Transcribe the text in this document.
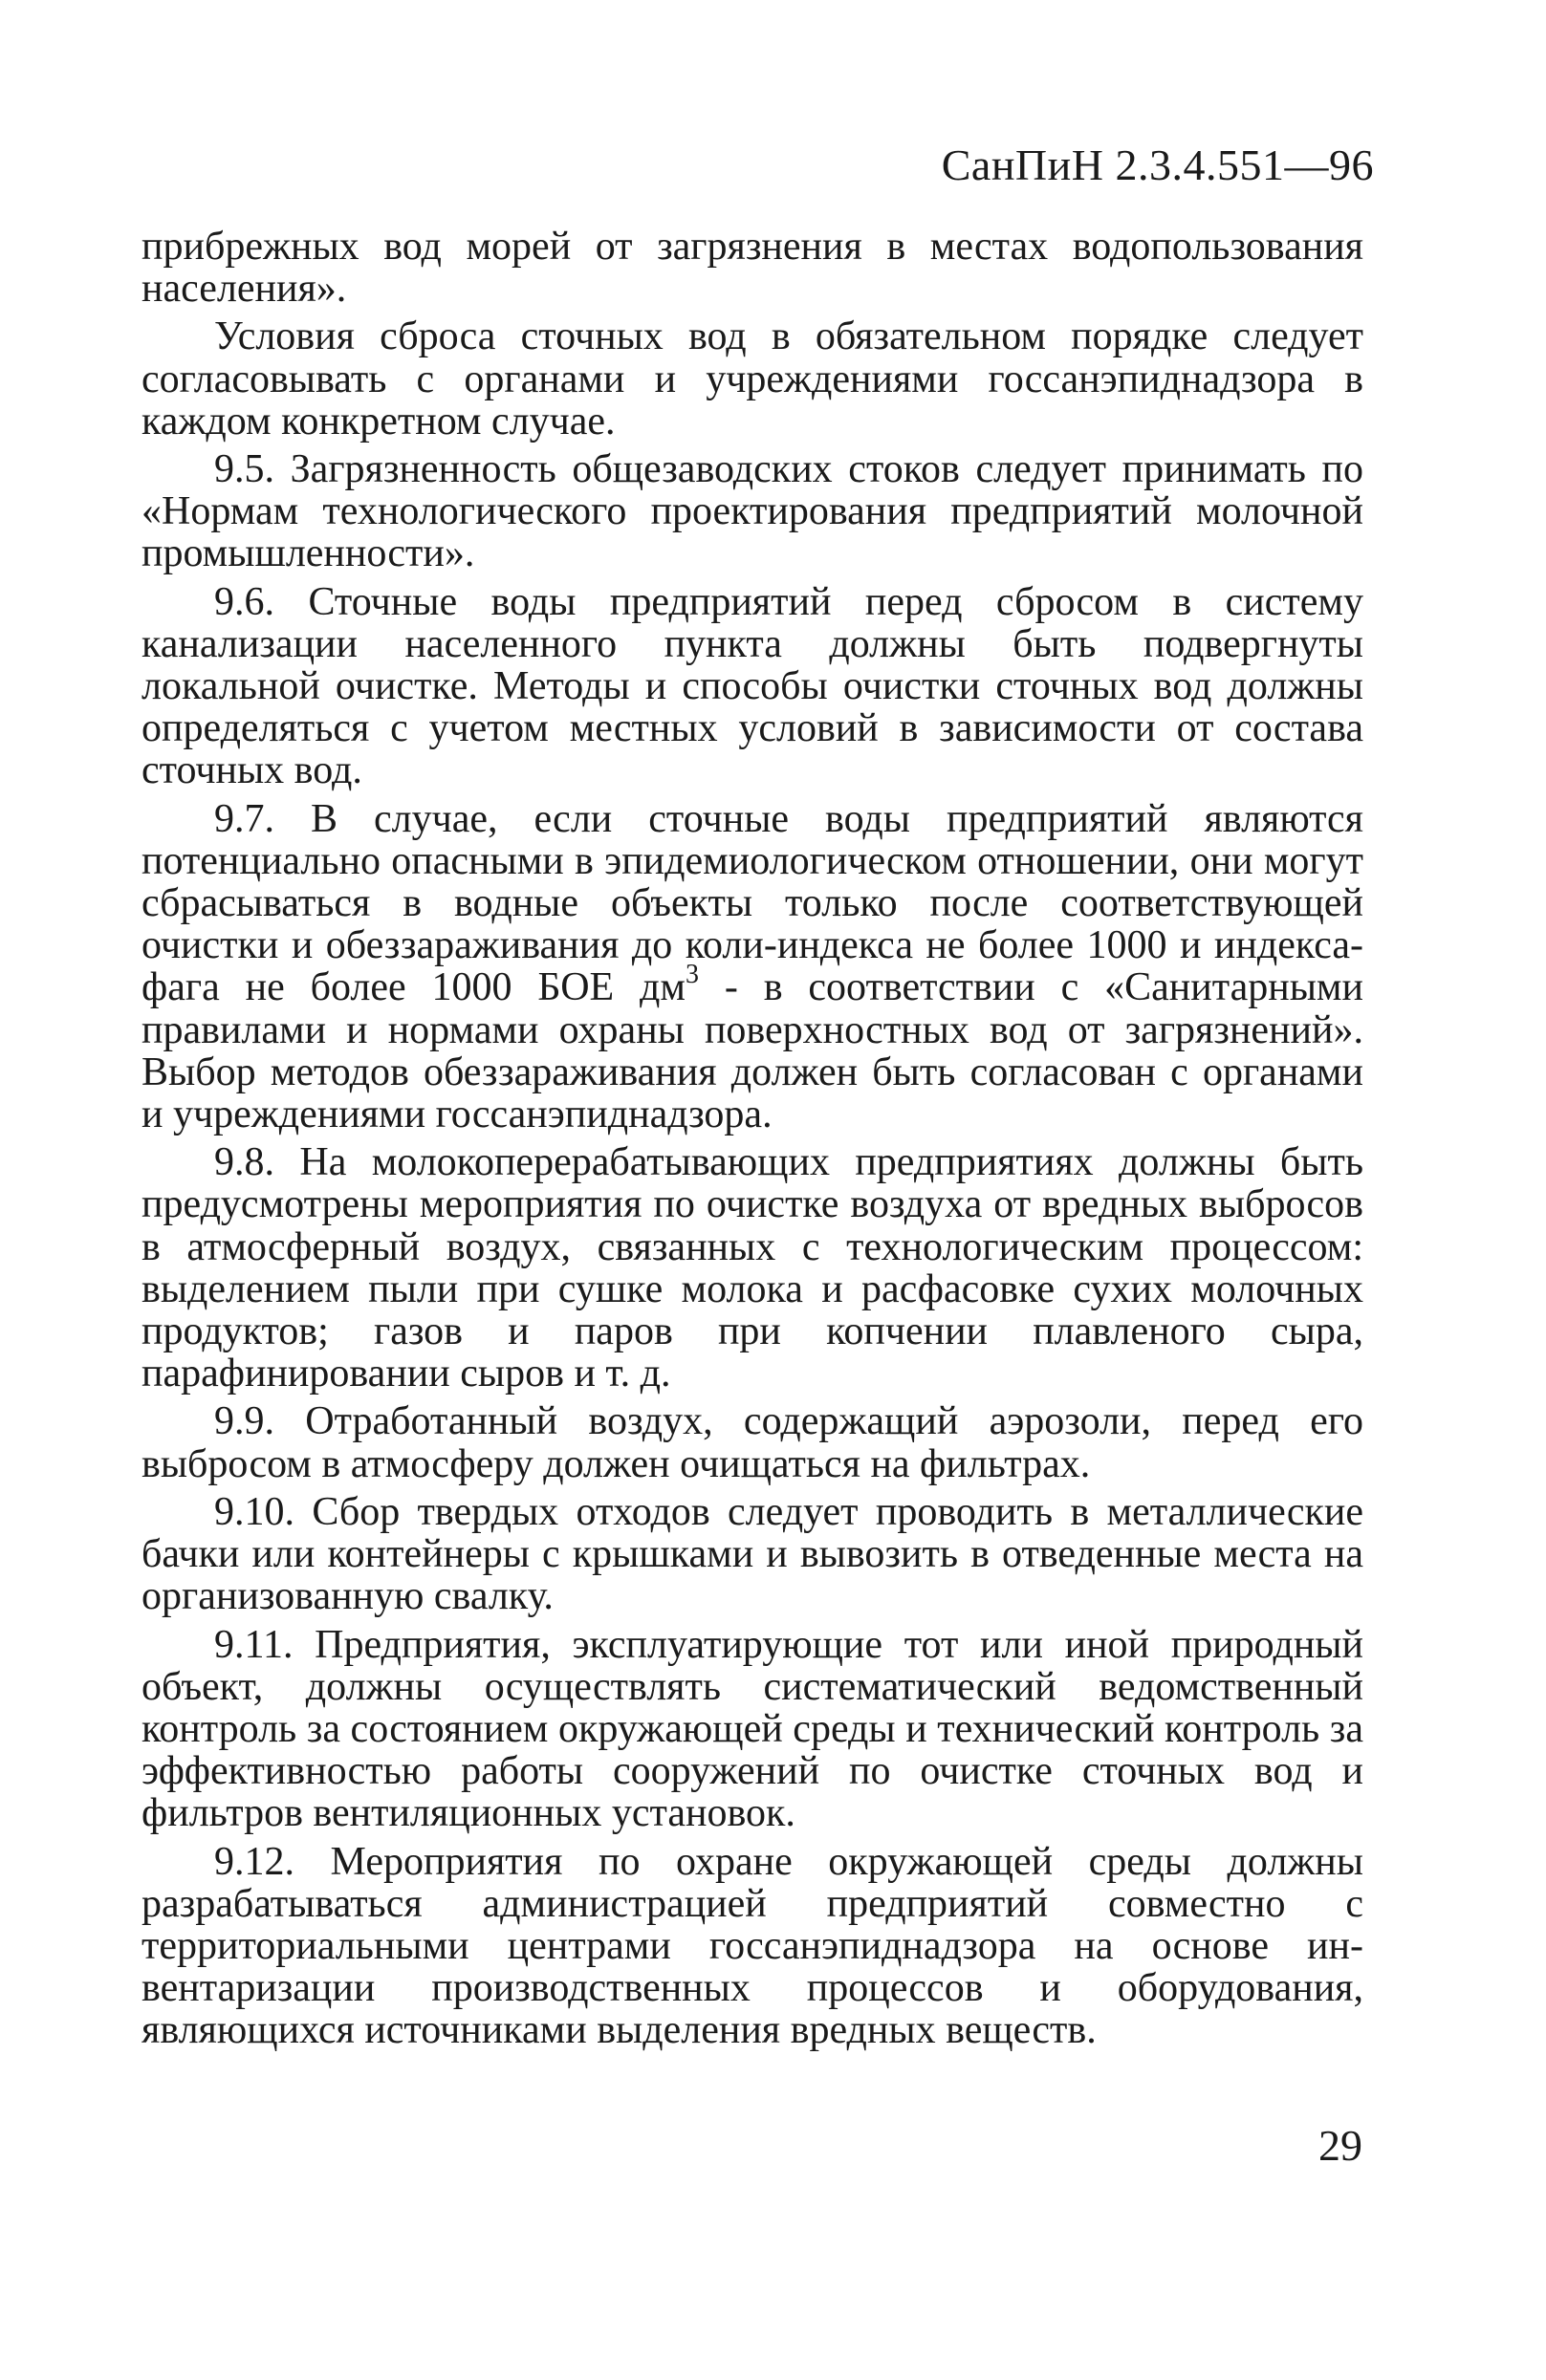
СанПиН 2.3.4.551—96

прибрежных вод морей от загрязнения в местах водопользования населения».

Условия сброса сточных вод в обязательном порядке следует согласовывать с органами и учреждениями госсанэпиднадзора в каждом конкретном случае.

9.5. Загрязненность общезаводских стоков следует принимать по «Нормам технологического проектирования предприятий молочной промышленности».

9.6. Сточные воды предприятий перед сбросом в систему канализации населенного пункта должны быть подвергнуты локальной очистке. Методы и способы очистки сточных вод должны определяться с учетом местных условий в зависимости от состава сточных вод.

9.7. В случае, если сточные воды предприятий являются потенциально опасными в эпидемиологическом отношении, они могут сбрасываться в водные объекты только после соответствующей очистки и обеззараживания до коли-индекса не более 1000 и индекса-фага не более 1000 БОЕ $дм^3$ - в соответствии с «Санитарными правилами и нормами охраны поверхностных вод от загрязнений». Выбор методов обеззараживания должен быть согласован с органами и учреждениями госсанэпиднадзора.

9.8. На молокоперерабатывающих предприятиях должны быть предусмотрены мероприятия по очистке воздуха от вредных выбросов в атмосферный воздух, связанных с технологическим процессом: выделением пыли при сушке молока и расфасовке сухих молочных продуктов; газов и паров при копчении плавленого сыра, парафинировании сыров и т. д.

9.9. Отработанный воздух, содержащий аэрозоли, перед его выбросом в атмосферу должен очищаться на фильтрах.

9.10. Сбор твердых отходов следует проводить в металлические бачки или контейнеры с крышками и вывозить в отведенные места на организованную свалку.

9.11. Предприятия, эксплуатирующие тот или иной природный объект, должны осуществлять систематический ведомственный контроль за состоянием окружающей среды и технический контроль за эффективностью работы сооружений по очистке сточных вод и фильтров вентиляционных установок.

9.12. Мероприятия по охране окружающей среды должны разрабатываться администрацией предприятий совместно с территориальными центрами госсанэпиднадзора на основе инвентаризации производственных процессов и оборудования, являющихся источниками выделения вредных веществ.

29
